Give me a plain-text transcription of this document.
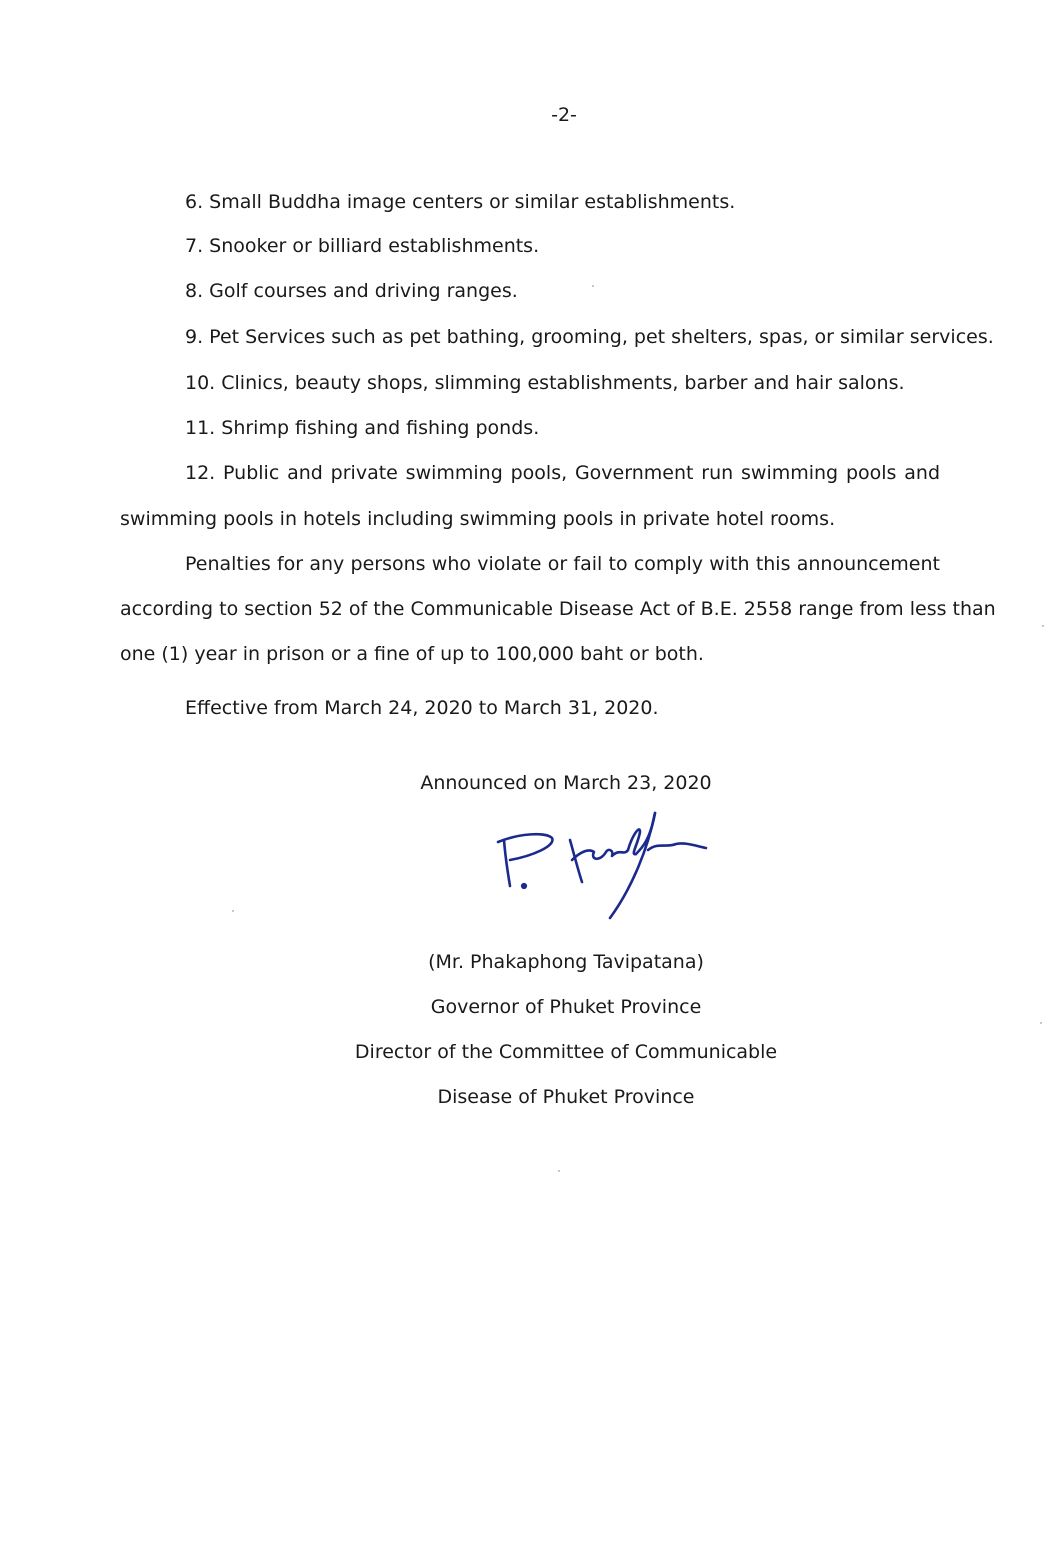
-2-
6. Small Buddha image centers or similar establishments.
7. Snooker or billiard establishments.
8. Golf courses and driving ranges.
9. Pet Services such as pet bathing, grooming, pet shelters, spas, or similar services.
10. Clinics, beauty shops, slimming establishments, barber and hair salons.
11. Shrimp fishing and fishing ponds.
12. Public and private swimming pools, Government run swimming pools and
swimming pools in hotels including swimming pools in private hotel rooms.
Penalties for any persons who violate or fail to comply with this announcement
according to section 52 of the Communicable Disease Act of B.E. 2558 range from less than
one (1) year in prison or a fine of up to 100,000 baht or both.
Effective from March 24, 2020 to March 31, 2020.
Announced on March 23, 2020
(Mr. Phakaphong Tavipatana)
Governor of Phuket Province
Director of the Committee of Communicable
Disease of Phuket Province
